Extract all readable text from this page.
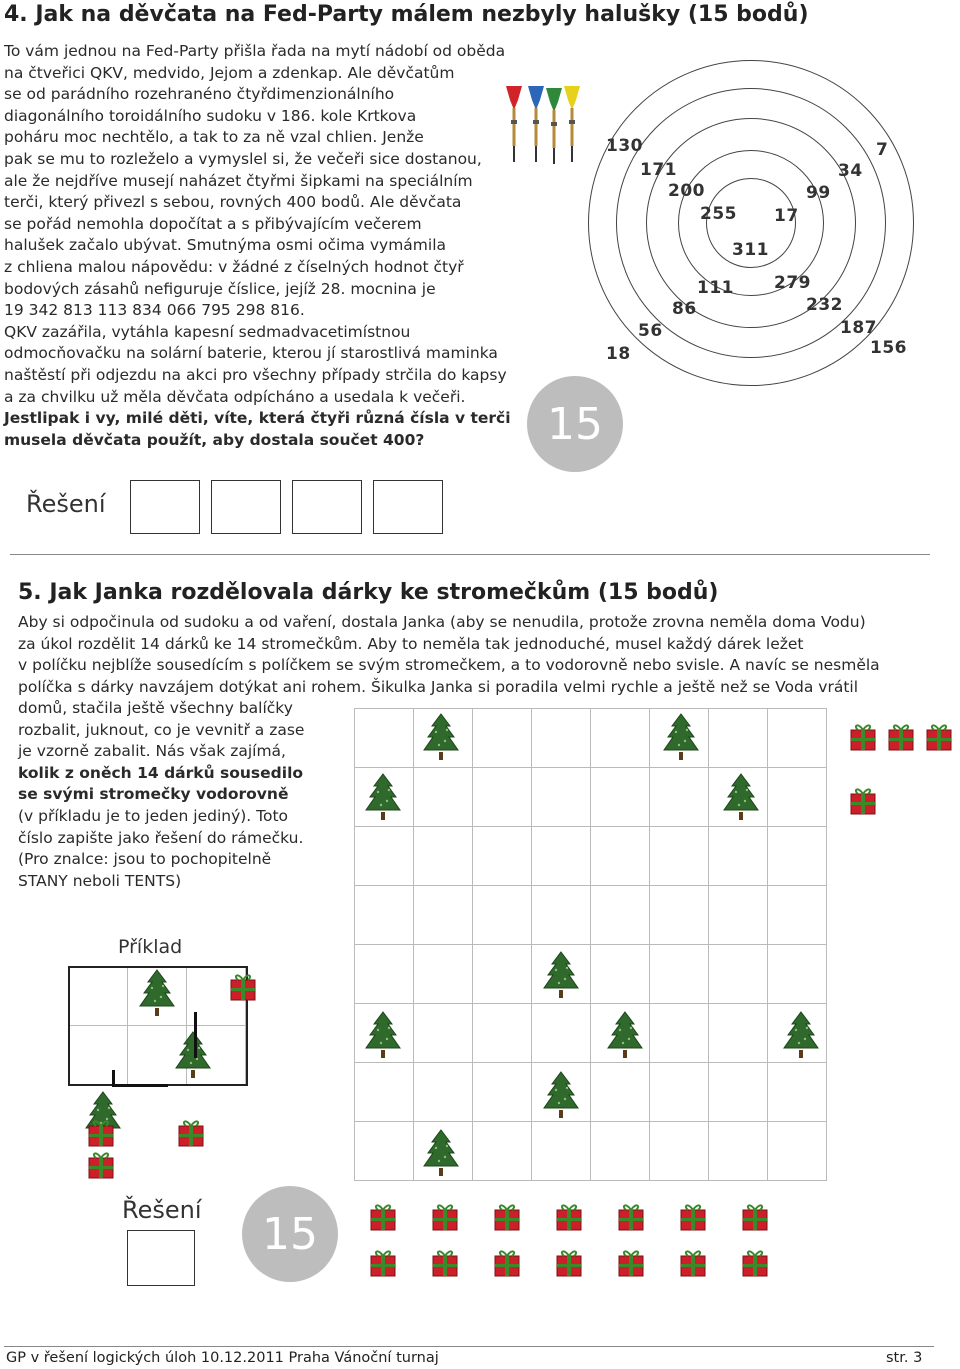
4. Jak na děvčata na Fed-Party málem nezbyly halušky (15 bodů)
To vám jednou na Fed-Party přišla řada na mytí nádobí od oběda
na čtveřici QKV, medvido, Jejom a zdenkap. Ale děvčatům
se od parádního rozehranéno čtyřdimenzionálního
diagonálního toroidálního sudoku v 186. kole Krtkova
poháru moc nechtělo, a tak to za ně vzal chlien. Jenže
pak se mu to rozleželo a vymyslel si, že večeři sice dostanou,
ale že nejdříve musejí naházet čtyřmi šipkami na speciálním
terči, který přivezl s sebou, rovných 400 bodů. Ale děvčata
se pořád nemohla dopočítat a s přibývajícím večerem
halušek začalo ubývat. Smutnýma osmi očima vymámila
z chliena malou nápovědu: v žádné z číselných hodnot čtyř
bodových zásahů nefiguruje číslice, jejíž 28. mocnina je
19 342 813 113 834 066 795 298 816.
QKV zazářila, vytáhla kapesní sedmadvacetimístnou
odmocňovačku na solární baterie, kterou jí starostlivá maminka
naštěstí při odjezdu na akci pro všechny případy strčila do kapsy
a za chvilku už měla děvčata odpícháno a usedala k večeři.
Jestlipak i vy, milé děti, víte, která čtyři různá čísla v terči
musela děvčata použít, aby dostala součet 400?
130	7
171	34
200	99
255 17
311
111 279
86	232
56	187
18	156
15
Řešení
5. Jak Janka rozdělovala dárky ke stromečkům (15 bodů)
Aby si odpočinula od sudoku a od vaření, dostala Janka (aby se nenudila, protože zrovna neměla doma Vodu)
za úkol rozdělit 14 dárků ke 14 stromečkům. Aby to neměla tak jednoduché, musel každý dárek ležet
v políčku nejblíže sousedícím s políčkem se svým stromečkem, a to vodorovně nebo svisle. A navíc se nesměla
políčka s dárky navzájem dotýkat ani rohem. Šikulka Janka si poradila velmi rychle a ještě než se Voda vrátil
domů, stačila ještě všechny balíčky
rozbalit, juknout, co je vevnitř a zase
je vzorně zabalit. Nás však zajímá,
kolik z oněch 14 dárků sousedilo
se svými stromečky vodorovně
(v příkladu je to jeden jediný). Toto
číslo zapište jako řešení do rámečku.
(Pro znalce: jsou to pochopitelně
STANY neboli TENTS)

Příklad

Řešení	15
GP v řešení logických úloh 10.12.2011 Praha Vánoční turnaj	str. 3
